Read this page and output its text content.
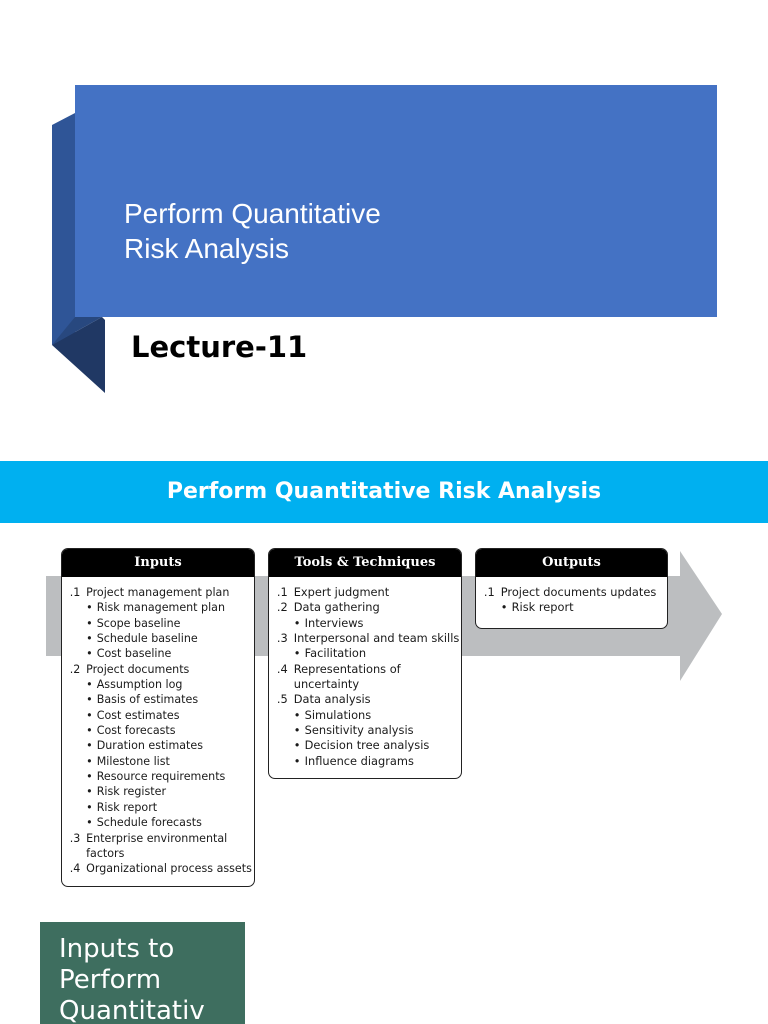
Perform Quantitative
Risk Analysis
Lecture-11
Perform Quantitative Risk Analysis
Inputs
.1 Project management plan
• Risk management plan
• Scope baseline
• Schedule baseline
• Cost baseline
.2 Project documents
• Assumption log
• Basis of estimates
• Cost estimates
• Cost forecasts
• Duration estimates
• Milestone list
• Resource requirements
• Risk register
• Risk report
• Schedule forecasts
.3 Enterprise environmental
factors
.4 Organizational process assets
Tools & Techniques
.1 Expert judgment
.2 Data gathering
• Interviews
.3 Interpersonal and team skills
• Facilitation
.4 Representations of
uncertainty
.5 Data analysis
• Simulations
• Sensitivity analysis
• Decision tree analysis
• Influence diagrams
Outputs
.1 Project documents updates
• Risk report
Inputs to
Perform
Quantitativ
